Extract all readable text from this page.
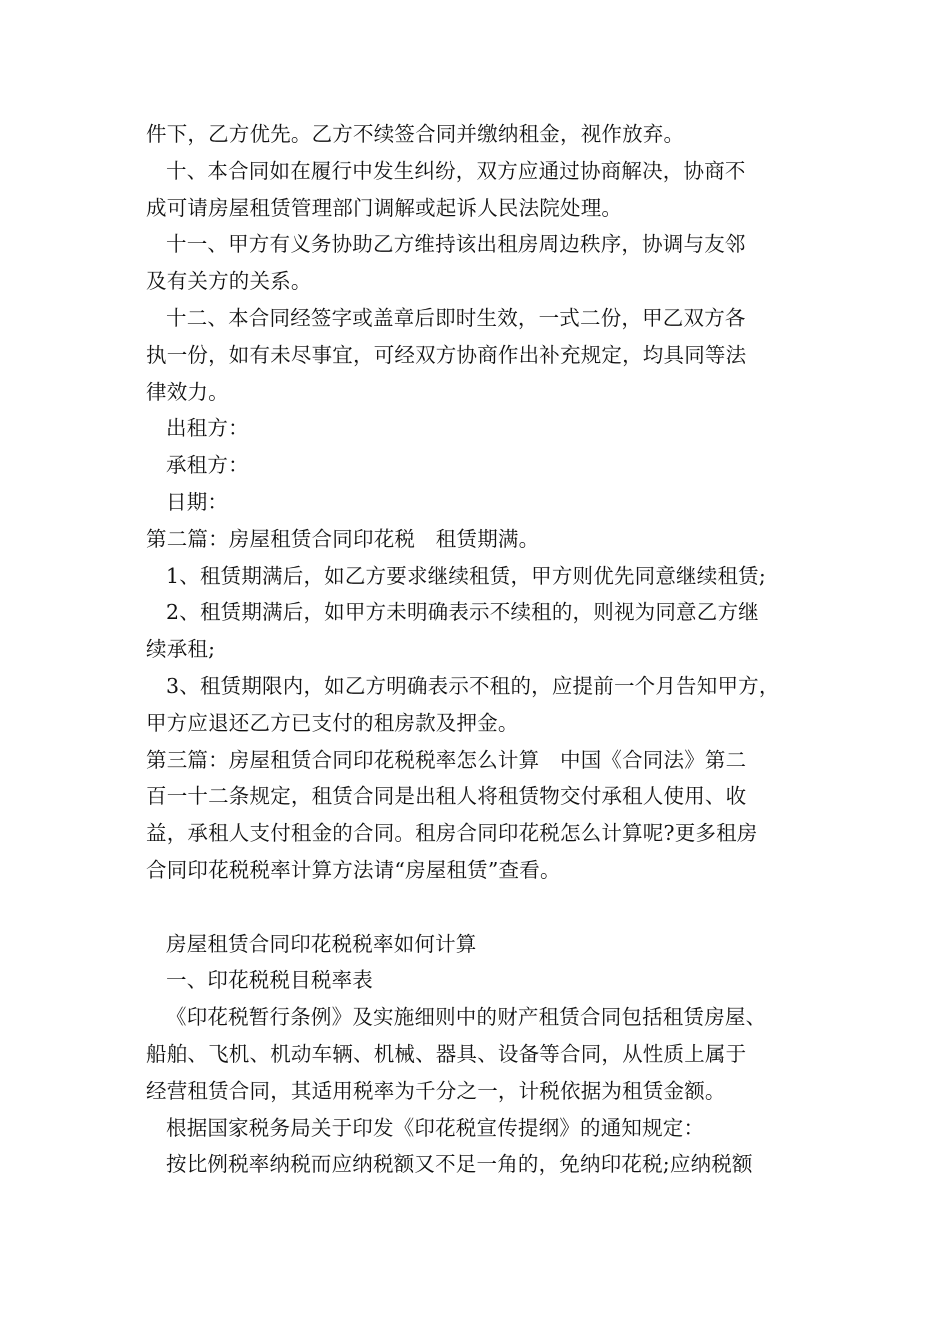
件下，乙方优先。乙方不续签合同并缴纳租金，视作放弃。
十、本合同如在履行中发生纠纷，双方应通过协商解决，协商不
成可请房屋租赁管理部门调解或起诉人民法院处理。
十一、甲方有义务协助乙方维持该出租房周边秩序，协调与友邻
及有关方的关系。
十二、本合同经签字或盖章后即时生效，一式二份，甲乙双方各
执一份，如有未尽事宜，可经双方协商作出补充规定，均具同等法
律效力。
出租方：
承租方：
日期：
第二篇：房屋租赁合同印花税　租赁期满。
1、租赁期满后，如乙方要求继续租赁，甲方则优先同意继续租赁;
2、租赁期满后，如甲方未明确表示不续租的，则视为同意乙方继
续承租;
3、租赁期限内，如乙方明确表示不租的，应提前一个月告知甲方，
甲方应退还乙方已支付的租房款及押金。
第三篇：房屋租赁合同印花税税率怎么计算　中国《合同法》第二
百一十二条规定，租赁合同是出租人将租赁物交付承租人使用、收
益，承租人支付租金的合同。租房合同印花税怎么计算呢?更多租房
合同印花税税率计算方法请“房屋租赁”查看。
房屋租赁合同印花税税率如何计算
一、印花税税目税率表
《印花税暂行条例》及实施细则中的财产租赁合同包括租赁房屋、
船舶、飞机、机动车辆、机械、器具、设备等合同，从性质上属于
经营租赁合同，其适用税率为千分之一，计税依据为租赁金额。
根据国家税务局关于印发《印花税宣传提纲》的通知规定：
按比例税率纳税而应纳税额又不足一角的，免纳印花税;应纳税额
